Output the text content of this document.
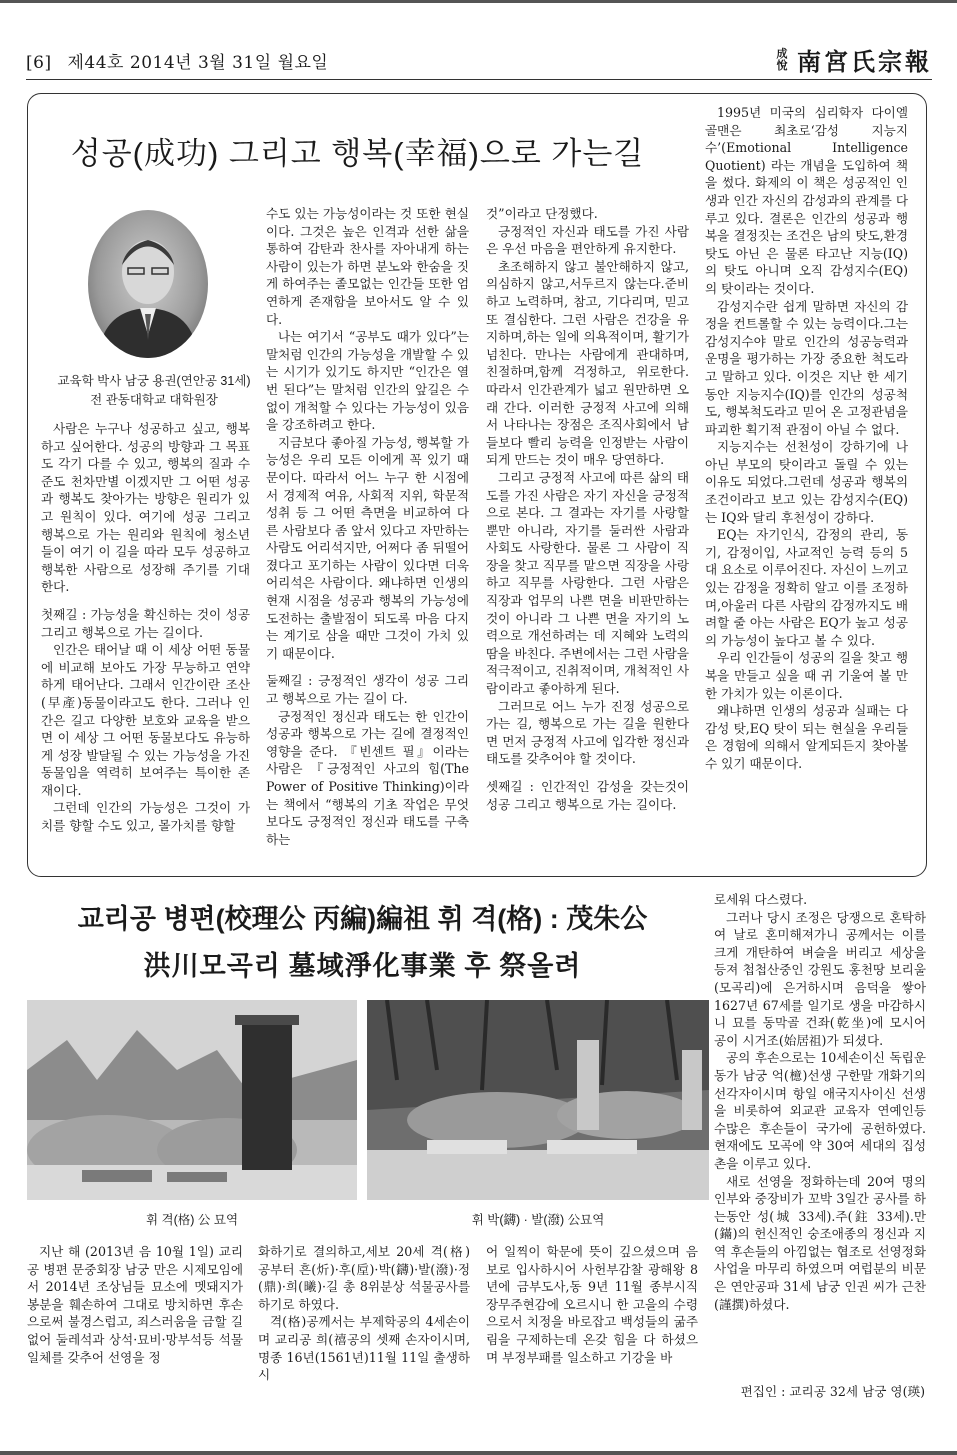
[6] 제44호 2014년 3월 31일 월요일	成悅 南宮氏宗報
성공(成功) 그리고 행복(幸福)으로 가는길
교육학 박사 남궁 용권(연안공 31세)
전 관동대학교 대학원장

사람은 누구나 성공하고 싶고, 행복하고 싶어한다. 성공의 방향과 그 목표도 각기 다를 수 있고, 행복의 질과 수준도 천차만별 이겠지만 그 어떤 성공과 행복도 찾아가는 방향은 원리가 있고 원칙이 있다. 여기에 성공 그리고 행복으로 가는 원리와 원칙에 청소년들이 여기 이 길을 따라 모두 성공하고 행복한 사람으로 성장해 주기를 기대한다.

첫째길 : 가능성을 확신하는 것이 성공 그리고 행복으로 가는 길이다.

인간은 태어날 때 이 세상 어떤 동물에 비교해 보아도 가장 무능하고 연약하게 태어난다. 그래서 인간이란 조산(早產)동물이라고도 한다. 그러나 인간은 길고 다양한 보호와 교육을 받으면 이 세상 그 어떤 동물보다도 유능하게 성장 발달될 수 있는 가능성을 가진 동물임을 역력히 보여주는 특이한 존재이다.

그런데 인간의 가능성은 그것이 가치를 향할 수도 있고, 몰가치를 향할

수도 있는 가능성이라는 것 또한 현실이다. 그것은 높은 인격과 선한 삶을 통하여 감탄과 찬사를 자아내게 하는 사람이 있는가 하면 분노와 한숨을 짓게 하여주는 졸모없는 인간들 또한 엄연하게 존재함을 보아서도 알 수 있다.

나는 여기서 “공부도 때가 있다”는 말처럼 인간의 가능성을 개발할 수 있는 시기가 있기도 하지만 “인간은 열 번 된다”는 말처럼 인간의 앞길은 수 없이 개척할 수 있다는 가능성이 있음을 강조하려고 한다.

지금보다 좋아질 가능성, 행복할 가능성은 우리 모든 이에게 꼭 있기 때문이다. 따라서 어느 누구 한 시점에서 경제적 여유, 사회적 지위, 학문적 성취 등 그 어떤 측면을 비교하여 다른 사람보다 좀 앞서 있다고 자만하는 사람도 어리석지만, 어쩌다 좀 뒤떨어졌다고 포기하는 사람이 있다면 더욱 어리석은 사람이다. 왜냐하면 인생의 현재 시점을 성공과 행복의 가능성에 도전하는 출발점이 되도록 마음 다지는 계기로 삼을 때만 그것이 가치 있기 때문이다.

둘째길 : 긍정적인 생각이 성공 그리고 행복으로 가는 길이 다.

긍정적인 정신과 태도는 한 인간이 성공과 행복으로 가는 길에 결정적인 영향을 준다. 『빈센트 필』이라는 사람은 『긍정적인 사고의 힘(The Power of Positive Thinking)이라는 책에서 “행복의 기초 작업은 무엇보다도 긍정적인 정신과 태도를 구축하는

것”이라고 단정했다.

긍정적인 자신과 태도를 가진 사람은 우선 마음을 편안하게 유지한다.

초조해하지 않고 불안해하지 않고, 의심하지 않고,서두르지 않는다.준비하고 노력하며, 참고, 기다리며, 믿고 또 결심한다. 그런 사람은 건강을 유지하며,하는 일에 의욕적이며, 활기가 넘친다. 만나는 사람에게 관대하며, 친절하며,함께 걱정하고, 위로한다. 따라서 인간관계가 넓고 원만하면 오래 간다. 이러한 긍정적 사고에 의해서 나타나는 장점은 조직사회에서 남들보다 빨리 능력을 인정받는 사람이 되게 만드는 것이 매우 당연하다.

그리고 긍정적 사고에 따른 삶의 태도를 가진 사람은 자기 자신을 긍정적으로 본다. 그 결과는 자기를 사랑할 뿐만 아니라, 자기를 둘러싼 사람과 사회도 사랑한다. 물론 그 사람이 직장을 찾고 직무를 맡으면 직장을 사랑하고 직무를 사랑한다. 그런 사람은 직장과 업무의 나쁜 면을 비판만하는 것이 아니라 그 나쁜 면을 자기의 노력으로 개선하려는 데 지혜와 노력의 땀을 바친다. 주변에서는 그런 사람을 적극적이고, 진취적이며, 개척적인 사람이라고 좋아하게 된다.

그러므로 어느 누가 진정 성공으로 가는 길, 행복으로 가는 길을 원한다면 먼저 긍정적 사고에 입각한 정신과 태도를 갖추어야 할 것이다.

셋째길 : 인간적인 감성을 갖는것이 성공 그리고 행복으로 가는 길이다.

1995년 미국의 심리학자 다이엘 골맨은 최초로‘감성 지능지수’(Emotional Intelligence Quotient) 라는 개념을 도입하여 책을 썼다. 화제의 이 책은 성공적인 인생과 인간 자신의 감성과의 관계를 다루고 있다. 결론은 인간의 성공과 행복을 결정짓는 조건은 남의 탓도,환경 탓도 아닌 은 물론 타고난 지능(IQ)의 탓도 아니며 오직 감성지수(EQ)의 탓이라는 것이다.

감성지수란 쉽게 말하면 자신의 감정을 컨트롤할 수 있는 능력이다.그는 감성지수야 말로 인간의 성공능력과 운명을 평가하는 가장 중요한 척도라고 말하고 있다. 이것은 지난 한 세기 동안 지능지수(IQ)를 인간의 성공척도, 행복척도라고 믿어 온 고정관념을 파괴한 획기적 관점이 아닐 수 없다.

지능지수는 선천성이 강하기에 나아닌 부모의 탓이라고 돌릴 수 있는 이유도 되었다.그런데 성공과 행복의 조건이라고 보고 있는 감성지수(EQ)는 IQ와 달리 후천성이 강하다.

EQ는 자기인식, 감정의 관리, 동기, 감정이입, 사교적인 능력 등의 5대 요소로 이루어진다. 자신이 느끼고 있는 감정을 정확히 알고 이를 조정하며,아울러 다른 사람의 감정까지도 배려할 줄 아는 사람은 EQ가 높고 성공의 가능성이 높다고 볼 수 있다.

우리 인간들이 성공의 길을 찾고 행복을 만들고 싶을 때 귀 기울여 볼 만한 가치가 있는 이론이다.

왜냐하면 인생의 성공과 실패는 다 감성 탓,EQ 탓이 되는 현실을 우리들은 경험에 의해서 알게되든지 찾아볼 수 있기 때문이다.

교리공 병편(校理公 丙編)編祖 휘 격(格) : 茂朱公
洪川모곡리 墓域淨化事業 후 祭올려
휘 격(格) 公 묘역	휘 박(鑮) · 발(潑) 公묘역

지난 해 (2013년 음 10월 1일) 교리공 병편 문중회장 남궁 만은 시제모임에서 2014년 조상님들 묘소에 멧돼지가 봉분을 훼손하여 그대로 방치하면 후손으로써 불경스럽고, 죄스러움을 금할 길 없어 둘레석과 상석·묘비·망부석등 석물일체를 갖추어 선영을 정

화하기로 결의하고,세보 20세 격(格)공부터 흔(炘)·후(垕)·박(鑮)·발(潑)·정(鼎)·희(曦)·길 총 8위분상 석물공사를 하기로 하였다.

격(格)공께서는 부제학공의 4세손이며 교리공 희(禧공의 셋째 손자이시며, 명종 16년(1561년)11월 11일 출생하시

어 일찍이 학문에 뜻이 깊으셨으며 음보로 입사하시어 사헌부감찰 광해왕 8년에 금부도사,동 9년 11월 종부시직장무주현감에 오르시니 한 고을의 수령으로서 치정을 바로잡고 백성들의 굶주림을 구제하는데 온갖 힘을 다 하셨으며 부정부패를 일소하고 기강을 바

로세워 다스렸다.

그러나 당시 조정은 당쟁으로 혼탁하여 날로 혼미해져가니 공께서는 이를 크게 개탄하여 벼슬을 버리고 세상을 등져 첩첩산중인 강원도 홍천땅 보리울(모곡리)에 은거하시며 음덕을 쌓아 1627년 67세를 일기로 생을 마감하시니 묘를 동막골 건좌(乾坐)에 모시어 공이 시거조(始居祖)가 되셨다.

공의 후손으로는 10세손이신 독립운동가 남궁 억(檍)선생 구한말 개화기의 선각자이시며 항일 애국지사이신 선생을 비롯하여 외교관 교육자 연예인등 수많은 후손들이 국가에 공헌하였다. 현재에도 모곡에 약 30여 세대의 집성촌을 이루고 있다.

새로 선영을 정화하는데 20여 명의 인부와 중장비가 꼬박 3일간 공사를 하는동안 성(城 33세).주(鉒 33세).만(鏋)의 헌신적인 숭조애종의 정신과 지역 후손들의 아낌없는 협조로 선영정화사업을 마무리 하였으며 여럽분의 비문은 연안공파 31세 남궁 인권 씨가 근찬(謹撰)하셨다.

편집인 : 교리공 32세 남궁 영(瑛)
